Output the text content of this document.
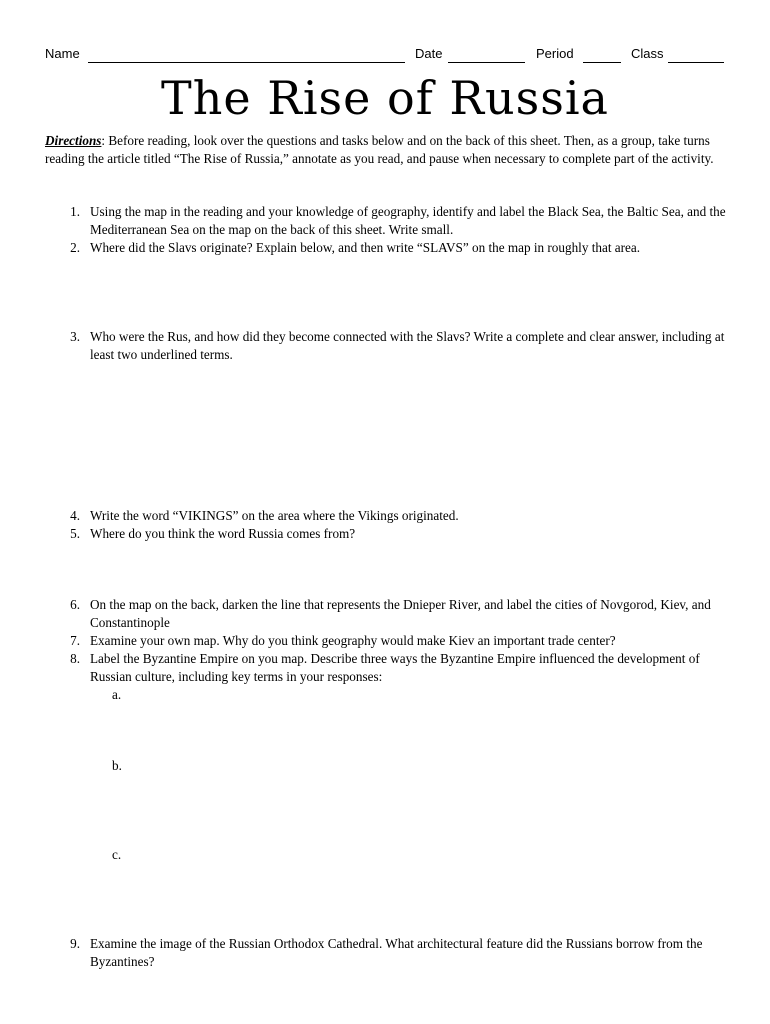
Name	Date	Period	Class
The Rise of Russia
Directions: Before reading, look over the questions and tasks below and on the back of this sheet. Then, as a group, take turns reading the article titled “The Rise of Russia,” annotate as you read, and pause when necessary to complete part of the activity.
1. Using the map in the reading and your knowledge of geography, identify and label the Black Sea, the Baltic Sea, and the Mediterranean Sea on the map on the back of this sheet. Write small.
2. Where did the Slavs originate? Explain below, and then write “SLAVS” on the map in roughly that area.
3. Who were the Rus, and how did they become connected with the Slavs? Write a complete and clear answer, including at least two underlined terms.
4. Write the word “VIKINGS” on the area where the Vikings originated.
5. Where do you think the word Russia comes from?
6. On the map on the back, darken the line that represents the Dnieper River, and label the cities of Novgorod, Kiev, and Constantinople
7. Examine your own map. Why do you think geography would make Kiev an important trade center?
8. Label the Byzantine Empire on you map. Describe three ways the Byzantine Empire influenced the development of Russian culture, including key terms in your responses:
a.
b.
c.
9. Examine the image of the Russian Orthodox Cathedral. What architectural feature did the Russians borrow from the Byzantines?
